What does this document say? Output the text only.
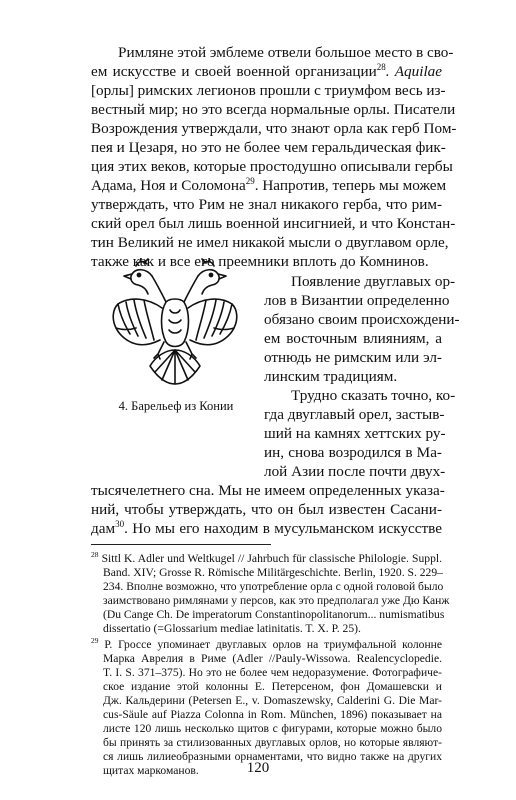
Римляне этой эмблеме отвели большое место в сво-
ем искусстве и своей военной организации$^{28}$. Aquilae
[орлы] римских легионов прошли с триумфом весь из-
вестный мир; но это всегда нормальные орлы. Писатели
Возрождения утверждали, что знают орла как герб Пом-
пея и Цезаря, но это не более чем геральдическая фик-
ция этих веков, которые простодушно описывали гербы
Адама, Ноя и Соломона$^{29}$. Напротив, теперь мы можем
утверждать, что Рим не знал никакого герба, что рим-
ский орел был лишь военной инсигнией, и что Констан-
тин Великий не имел никакой мысли о двуглавом орле,
также как и все его преемники вплоть до Комнинов.
Появление двуглавых ор-
лов в Византии определенно
обязано своим происхождени-
ем восточным влияниям, а
отнюдь не римским или эл-
линским традициям.
Трудно сказать точно, ко-
гда двуглавый орел, застыв-
ший на камнях хеттских ру-
ин, снова возродился в Ма-
лой Азии после почти двух-
тысячелетнего сна. Мы не имеем определенных указа-
ний, чтобы утверждать, что он был известен Сасани-
дам$^{30}$. Но мы его находим в мусульманском искусстве
4. Барельеф из Конии
$^{28}$ Sittl K. Adler und Weltkugel // Jahrbuch für classische Philologie. Suppl.
Band. XIV; Grosse R. Römische Militärgeschichte. Berlin, 1920. S. 229–
234. Вполне возможно, что употребление орла с одной головой было
заимствовано римлянами у персов, как это предполагал уже Дю Канж
(Du Cange Ch. De imperatorum Constantinopolitanorum... numismatibus
dissertatio (=Glossarium mediae latinitatis. T. X. P. 25).
$^{29}$ Р. Гроссе упоминает двуглавых орлов на триумфальной колонне
Марка Аврелия в Риме (Adler //Pauly-Wissowa. Realencyclopedie.
T. I. S. 371–375). Но это не более чем недоразумение. Фотографиче-
ское издание этой колонны Е. Петерсеном, фон Домашевски и
Дж. Кальдерини (Petersen E., v. Domaszewsky, Calderini G. Die Mar-
cus-Säule auf Piazza Colonna in Rom. München, 1896) показывает на
листе 120 лишь несколько щитов с фигурами, которые можно было
бы принять за стилизованных двуглавых орлов, но которые являют-
ся лишь лилиеобразными орнаментами, что видно также на других
щитах маркоманов.	120
